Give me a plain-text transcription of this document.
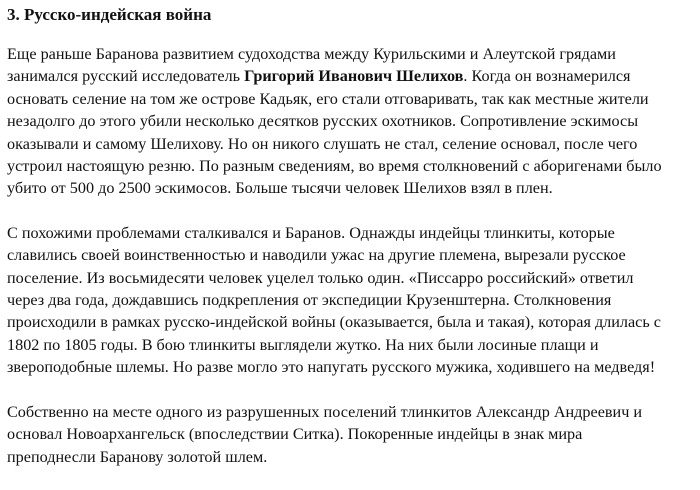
3. Русско-индейская война
Еще раньше Баранова развитием судоходства между Курильскими и Алеутской грядами
занимался русский исследователь Григорий Иванович Шелихов. Когда он вознамерился
основать селение на том же острове Кадьяк, его стали отговаривать, так как местные жители
незадолго до этого убили несколько десятков русских охотников. Сопротивление эскимосы
оказывали и самому Шелихову. Но он никого слушать не стал, селение основал, после чего
устроил настоящую резню. По разным сведениям, во время столкновений с аборигенами было
убито от 500 до 2500 эскимосов. Больше тысячи человек Шелихов взял в плен.
С похожими проблемами сталкивался и Баранов. Однажды индейцы тлинкиты, которые
славились своей воинственностью и наводили ужас на другие племена, вырезали русское
поселение. Из восьмидесяти человек уцелел только один. «Писсарро российский» ответил
через два года, дождавшись подкрепления от экспедиции Крузенштерна. Столкновения
происходили в рамках русско-индейской войны (оказывается, была и такая), которая длилась с
1802 по 1805 годы. В бою тлинкиты выглядели жутко. На них были лосиные плащи и
звероподобные шлемы. Но разве могло это напугать русского мужика, ходившего на медведя!
Собственно на месте одного из разрушенных поселений тлинкитов Александр Андреевич и
основал Новоархангельск (впоследствии Ситка). Покоренные индейцы в знак мира
преподнесли Баранову золотой шлем.
